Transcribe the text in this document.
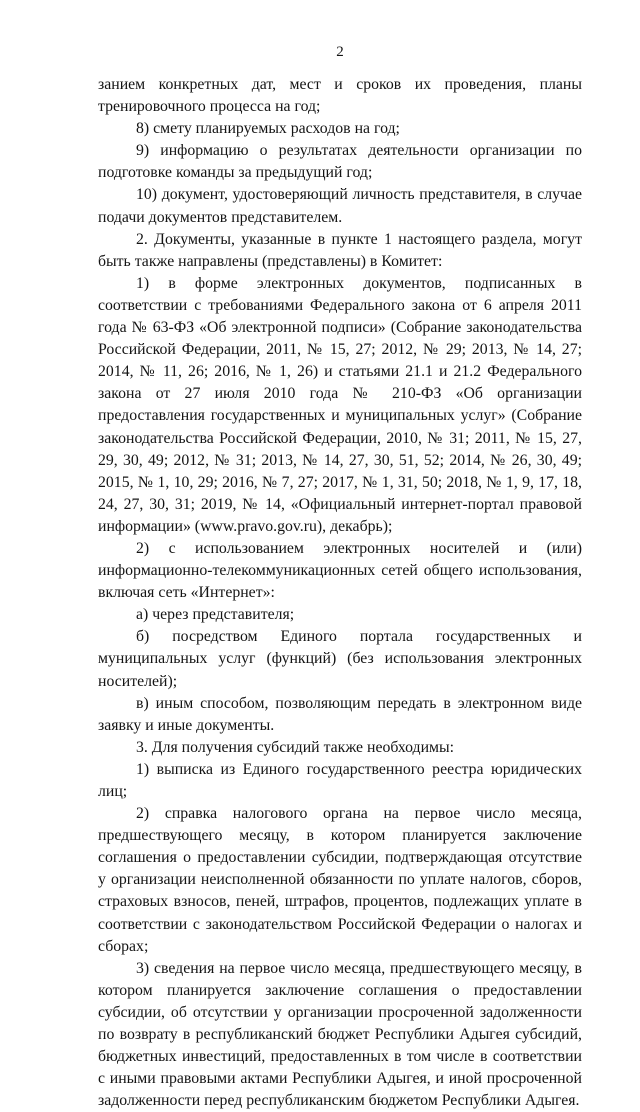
2

занием конкретных дат, мест и сроков их проведения, планы тренировочного процесса на год;

8) смету планируемых расходов на год;

9) информацию о результатах деятельности организации по подготовке команды за предыдущий год;

10) документ, удостоверяющий личность представителя, в случае подачи документов представителем.

2. Документы, указанные в пункте 1 настоящего раздела, могут быть также направлены (представлены) в Комитет:

1) в форме электронных документов, подписанных в соответствии с требованиями Федерального закона от 6 апреля 2011 года № 63-ФЗ «Об электронной подписи» (Собрание законодательства Российской Федерации, 2011, № 15, 27; 2012, № 29; 2013, № 14, 27; 2014, № 11, 26; 2016, № 1, 26) и статьями 21.1 и 21.2 Федерального закона от 27 июля 2010 года № 210-ФЗ «Об организации предоставления государственных и муниципальных услуг» (Собрание законодательства Российской Федерации, 2010, № 31; 2011, № 15, 27, 29, 30, 49; 2012, № 31; 2013, № 14, 27, 30, 51, 52; 2014, № 26, 30, 49; 2015, № 1, 10, 29; 2016, № 7, 27; 2017, № 1, 31, 50; 2018, № 1, 9, 17, 18, 24, 27, 30, 31; 2019, № 14, «Официальный интернет-портал правовой информации» (www.pravo.gov.ru), декабрь);

2) с использованием электронных носителей и (или) информационно-телекоммуникационных сетей общего использования, включая сеть «Интернет»:

а) через представителя;

б) посредством Единого портала государственных и муниципальных услуг (функций) (без использования электронных носителей);

в) иным способом, позволяющим передать в электронном виде заявку и иные документы.

3. Для получения субсидий также необходимы:

1) выписка из Единого государственного реестра юридических лиц;

2) справка налогового органа на первое число месяца, предшествующего месяцу, в котором планируется заключение соглашения о предоставлении субсидии, подтверждающая отсутствие у организации неисполненной обязанности по уплате налогов, сборов, страховых взносов, пеней, штрафов, процентов, подлежащих уплате в соответствии с законодательством Российской Федерации о налогах и сборах;

3) сведения на первое число месяца, предшествующего месяцу, в котором планируется заключение соглашения о предоставлении субсидии, об отсутствии у организации просроченной задолженности по возврату в республиканский бюджет Республики Адыгея субсидий, бюджетных инвестиций, предоставленных в том числе в соответствии с иными правовыми актами Республики Адыгея, и иной просроченной задолженности перед республиканским бюджетом Республики Адыгея.
